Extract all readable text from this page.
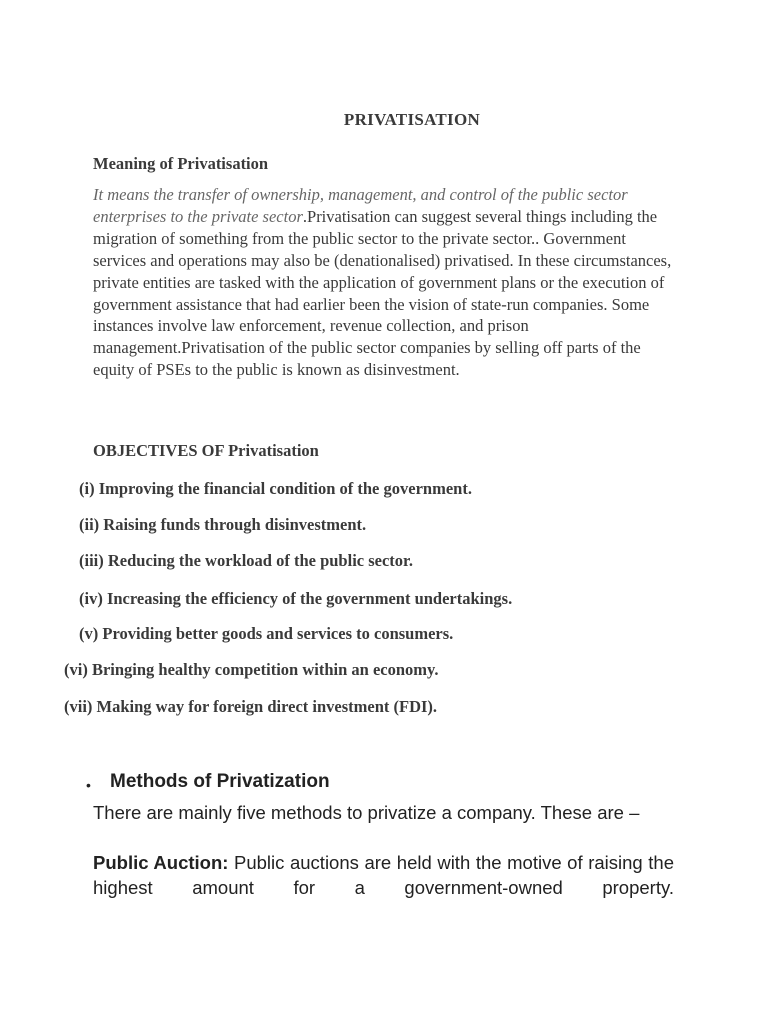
PRIVATISATION
Meaning of Privatisation
It means the transfer of ownership, management, and control of the public sector enterprises to the private sector.Privatisation can suggest several things including the migration of something from the public sector to the private sector.. Government services and operations may also be (denationalised) privatised. In these circumstances, private entities are tasked with the application of government plans or the execution of government assistance that had earlier been the vision of state-run companies. Some instances involve law enforcement, revenue collection, and prison management.Privatisation of the public sector companies by selling off parts of the equity of PSEs to the public is known as disinvestment.
OBJECTIVES OF Privatisation
(i) Improving the financial condition of the government.
(ii) Raising funds through disinvestment.
(iii) Reducing the workload of the public sector.
(iv) Increasing the efficiency of the government undertakings.
(v) Providing better goods and services to consumers.
(vi) Bringing healthy competition within an economy.
(vii) Making way for foreign direct investment (FDI).
• Methods of Privatization
There are mainly five methods to privatize a company. These are –
Public Auction: Public auctions are held with the motive of raising the highest amount for a government-owned property.
